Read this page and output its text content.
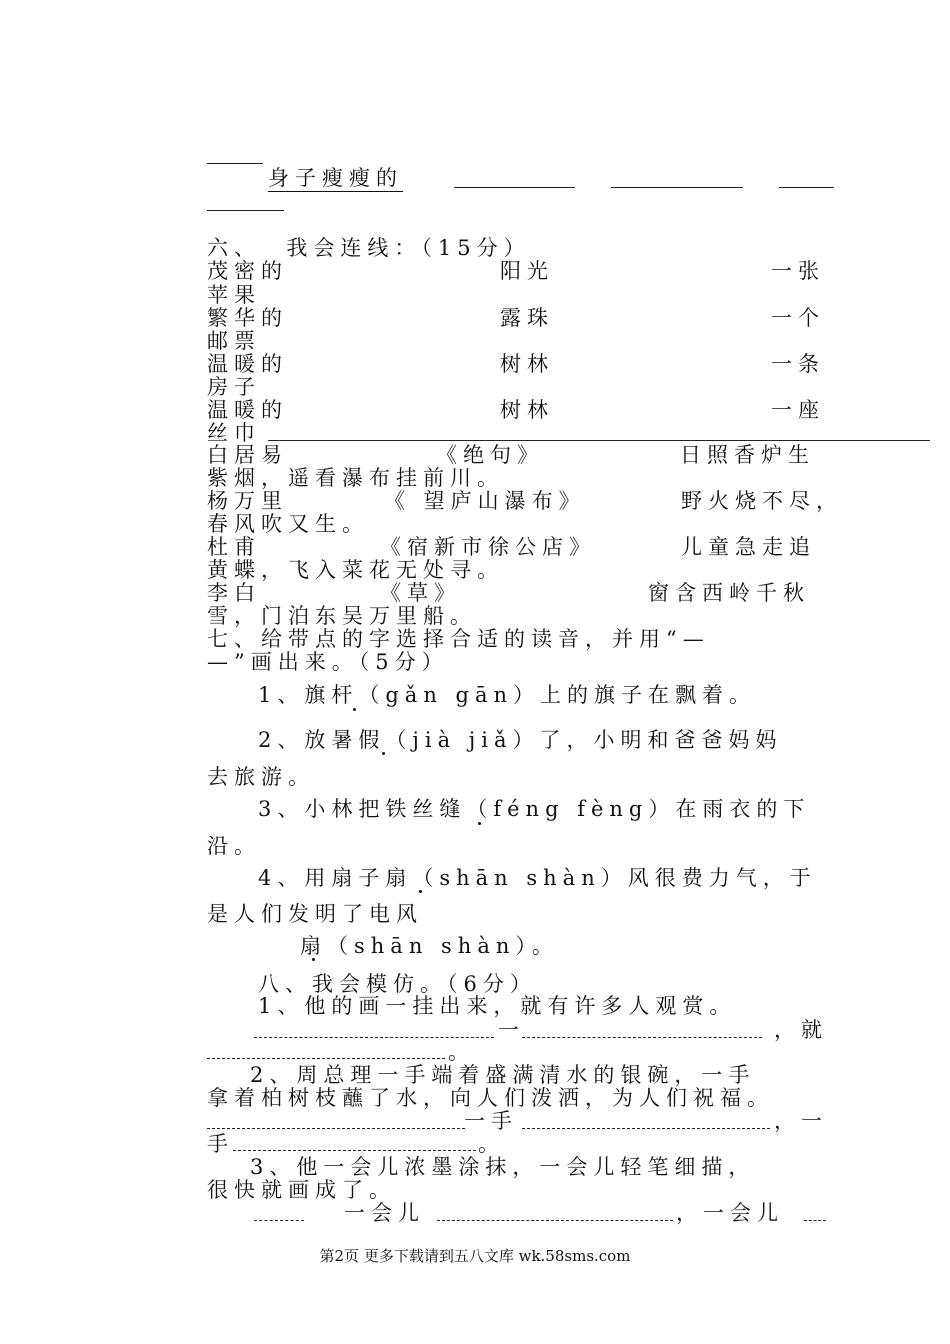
身子瘦瘦的
六、  我会连线：（15分）
茂密的	阳光	一张
苹果
繁华的	露珠	一个
邮票
温暖的	树林	一条
房子
温暖的	树林	一座
丝巾
白居易	《绝句》	日照香炉生
紫烟，遥看瀑布挂前川。
杨万里	《 望庐山瀑布》	野火烧不尽，
春风吹又生。
杜甫	《宿新市徐公店》	儿童急走追
黄蝶，飞入菜花无处寻。
李白	《草》	窗含西岭千秋
雪，门泊东吴万里船。
七、给带点的字选择合适的读音，并用“—
—”画出来。（5分）
1、旗杆（gǎn gān）上的旗子在飘着。
2、放暑假（jià jiǎ）了，小明和爸爸妈妈
去旅游。
3、小林把铁丝缝（féng fèng）在雨衣的下
沿。
4、用扇子扇（shān shàn）风很费力气，于
是人们发明了电风
扇（shān shàn）。
八、我会模仿。（6分）
1、他的画一挂出来，就有许多人观赏。
一	，就
。
2、周总理一手端着盛满清水的银碗，一手
拿着柏树枝蘸了水，向人们泼洒，为人们祝福。
一手	，一
手	。
3、他一会儿浓墨涂抹，一会儿轻笔细描，
很快就画成了。
一会儿	，一会儿
第2页 更多下载请到五八文库 wk.58sms.com
